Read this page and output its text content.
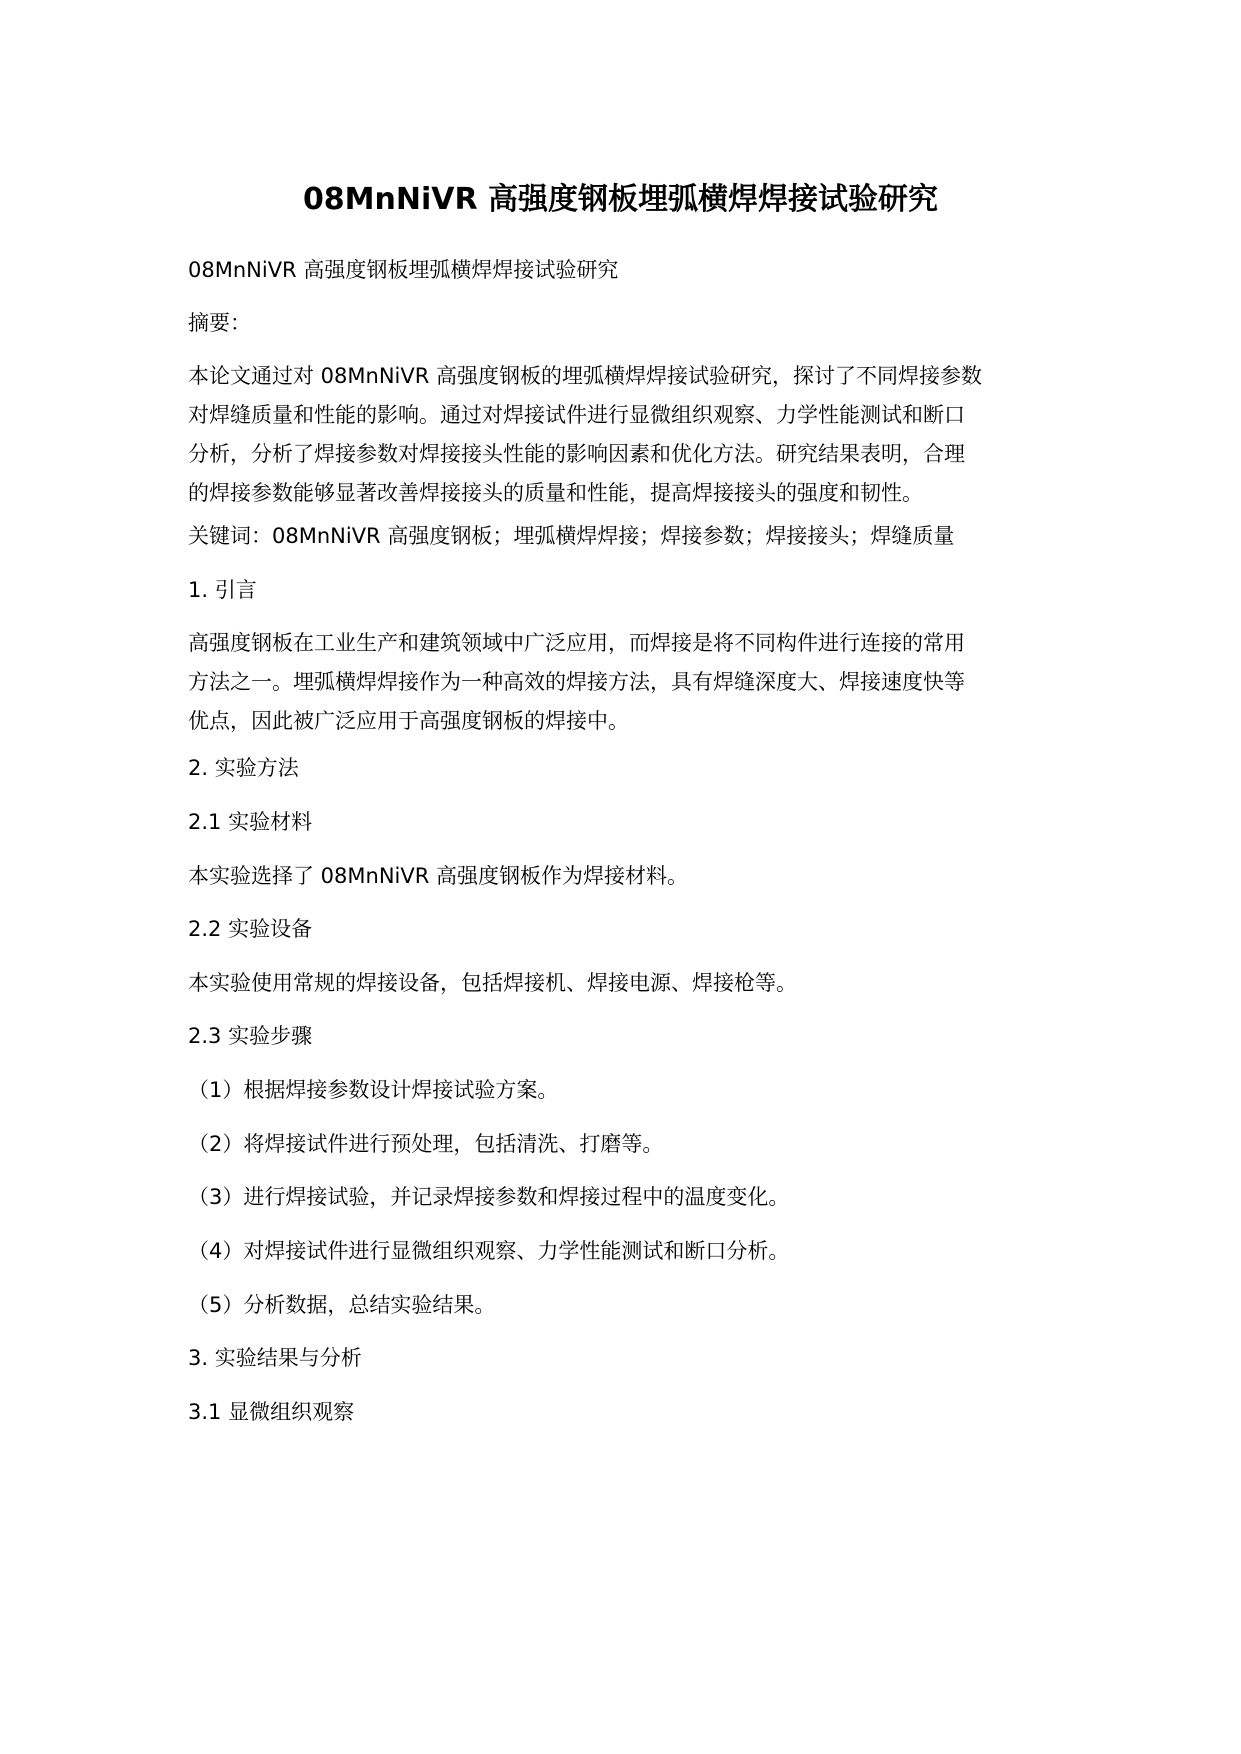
08MnNiVR 高强度钢板埋弧横焊焊接试验研究

08MnNiVR 高强度钢板埋弧横焊焊接试验研究

摘要：

本论文通过对 08MnNiVR 高强度钢板的埋弧横焊焊接试验研究，探讨了不同焊接参数
对焊缝质量和性能的影响。通过对焊接试件进行显微组织观察、力学性能测试和断口
分析，分析了焊接参数对焊接接头性能的影响因素和优化方法。研究结果表明，合理
的焊接参数能够显著改善焊接接头的质量和性能，提高焊接接头的强度和韧性。

关键词：08MnNiVR 高强度钢板；埋弧横焊焊接；焊接参数；焊接接头；焊缝质量

1. 引言

高强度钢板在工业生产和建筑领域中广泛应用，而焊接是将不同构件进行连接的常用
方法之一。埋弧横焊焊接作为一种高效的焊接方法，具有焊缝深度大、焊接速度快等
优点，因此被广泛应用于高强度钢板的焊接中。

2. 实验方法

2.1 实验材料

本实验选择了 08MnNiVR 高强度钢板作为焊接材料。

2.2 实验设备

本实验使用常规的焊接设备，包括焊接机、焊接电源、焊接枪等。

2.3 实验步骤

（1）根据焊接参数设计焊接试验方案。

（2）将焊接试件进行预处理，包括清洗、打磨等。

（3）进行焊接试验，并记录焊接参数和焊接过程中的温度变化。

（4）对焊接试件进行显微组织观察、力学性能测试和断口分析。

（5）分析数据，总结实验结果。

3. 实验结果与分析

3.1 显微组织观察
